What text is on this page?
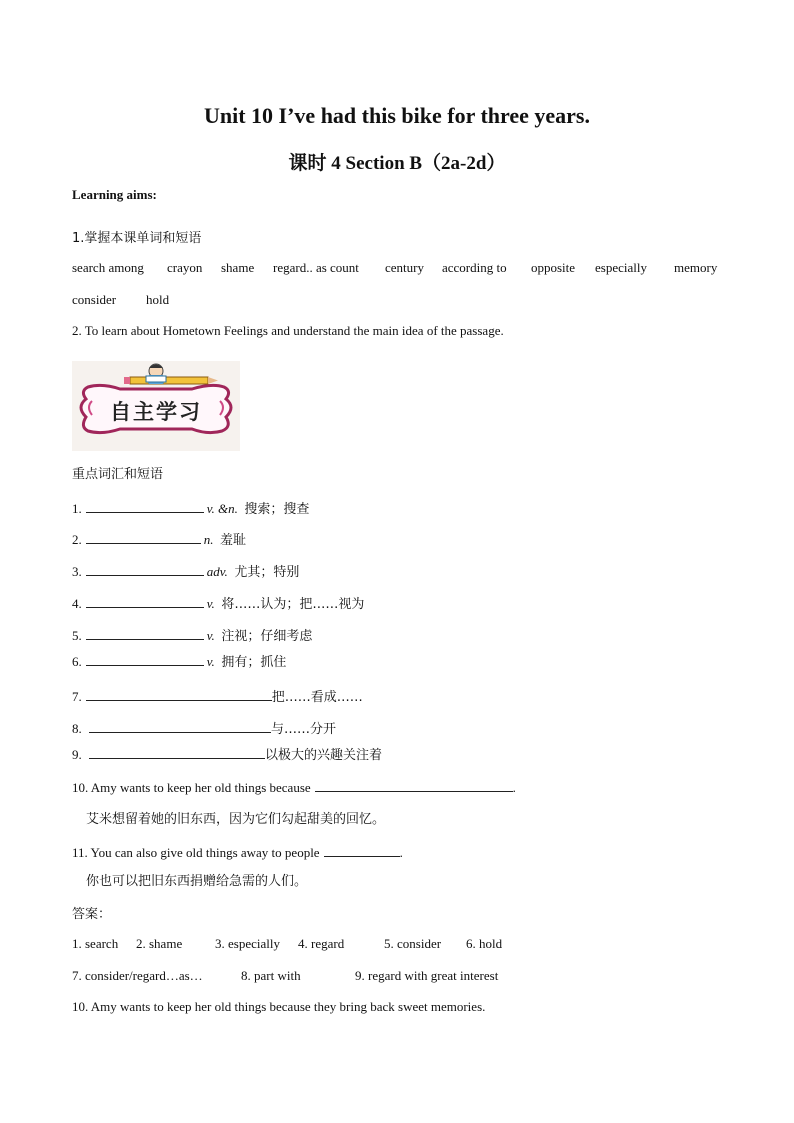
Unit 10 I’ve had this bike for three years.
课时 4 Section B（2a-2d）
Learning aims:
1.掌握本课单词和短语
search among crayon shame regard.. as count century according to opposite especially memory
consider hold
2. To learn about Hometown Feelings and understand the main idea of the passage.
自主学习
重点词汇和短语
1.	v. &n. 搜索；搜查
2.	n. 羞耻
3.	adv. 尤其；特别
4.	v. 将……认为；把……视为
5.	v. 注视；仔细考虑
6.	v. 拥有；抓住
7.	把……看成……
8.	与……分开
9.	以极大的兴趣关注着
10. Amy wants to keep her old things because	.
艾米想留着她的旧东西，因为它们勾起甜美的回忆。
11. You can also give old things away to people	.
你也可以把旧东西捐赠给急需的人们。
答案：
1. search 2. shame	3. especially 4. regard	5. consider 6. hold
7. consider/regard…as…	8. part with	9. regard with great interest
10. Amy wants to keep her old things because they bring back sweet memories.
